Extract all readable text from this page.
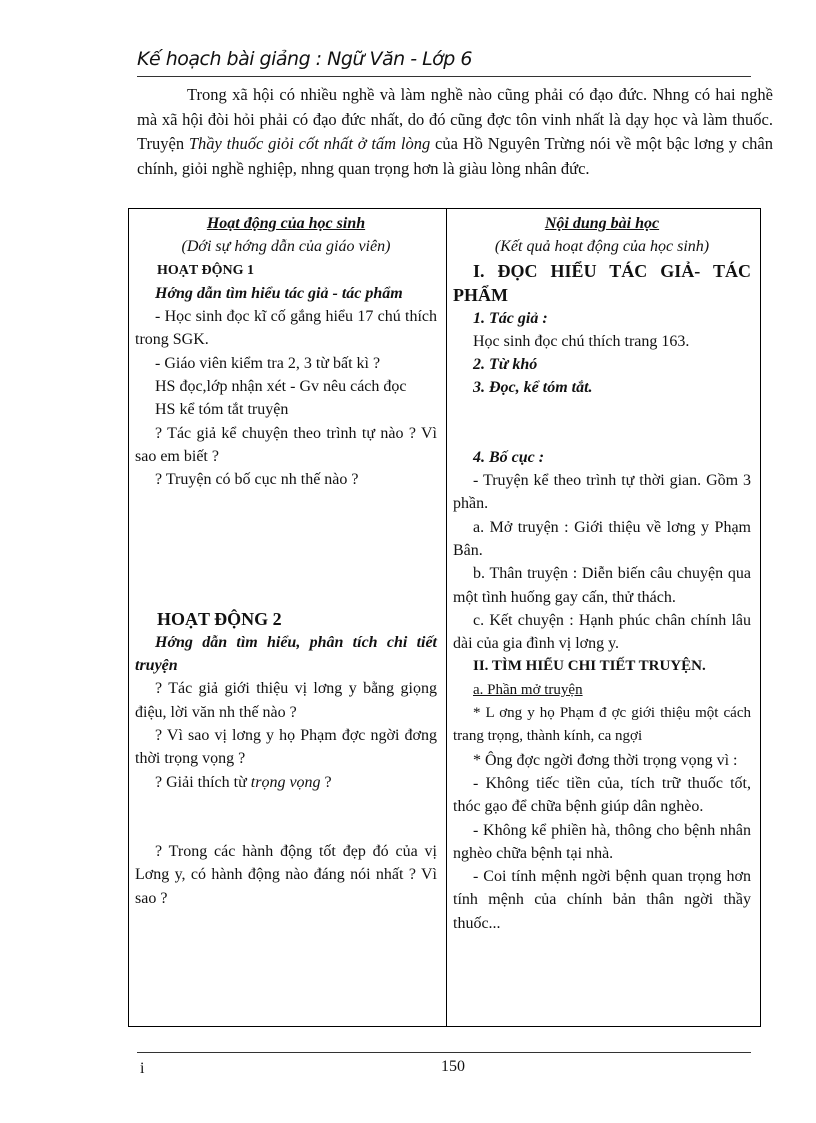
Kế hoạch bài giảng : Ngữ Văn - Lớp 6

Trong xã hội có nhiều nghề và làm nghề nào cũng phải có đạo đức. Nhng có hai nghề mà xã hội đòi hỏi phải có đạo đức nhất, do đó cũng đợc tôn vinh nhất là dạy học và làm thuốc. Truyện Thầy thuốc giỏi cốt nhất ở tấm lòng của Hồ Nguyên Trừng nói về một bậc lơng y chân chính, giỏi nghề nghiệp, nhng quan trọng hơn là giàu lòng nhân đức.

Hoạt động của học sinh
(Dới sự hớng dẫn của giáo viên)
HOẠT ĐỘNG 1
Hớng dẫn tìm hiểu tác giả - tác phẩm
- Học sinh đọc kĩ cố gắng hiểu 17 chú thích trong SGK.
- Giáo viên kiểm tra 2, 3 từ bất kì ?
HS đọc,lớp nhận xét - Gv nêu cách đọc
HS kể tóm tắt truyện
? Tác giả kể chuyện theo trình tự nào ? Vì sao em biết ?
? Truyện có bố cục nh thế nào ?
HOẠT ĐỘNG 2
Hớng dẫn tìm hiểu, phân tích chi tiết truyện
? Tác giả giới thiệu vị lơng y bằng giọng điệu, lời văn nh thế nào ?
? Vì sao vị lơng y họ Phạm đợc ngời đơng thời trọng vọng ?
? Giải thích từ trọng vọng ?
? Trong các hành động tốt đẹp đó của vị Lơng y, có hành động nào đáng nói nhất ? Vì sao ?
Nội dung bài học
(Kết quả hoạt động của học sinh)
I. ĐỌC HIỂU TÁC GIẢ- TÁC PHẨM
1. Tác giả :
Học sinh đọc chú thích trang 163.
2. Từ khó
3. Đọc, kể tóm tắt.
4. Bố cục :
- Truyện kể theo trình tự thời gian. Gồm 3 phần.
a. Mở truyện : Giới thiệu về lơng y Phạm Bân.
b. Thân truyện : Diễn biến câu chuyện qua một tình huống gay cấn, thử thách.
c. Kết chuyện : Hạnh phúc chân chính lâu dài của gia đình vị lơng y.
II. TÌM HIỂU CHI TIẾT TRUYỆN.
a. Phần mở truyện
* L ơng y họ Phạm đ ợc giới thiệu một cách trang trọng, thành kính, ca ngợi
* Ông đợc ngời đơng thời trọng vọng vì :
- Không tiếc tiền của, tích trữ thuốc tốt, thóc gạo để chữa bệnh giúp dân nghèo.
- Không kể phiền hà, thông cho bệnh nhân nghèo chữa bệnh tại nhà.
- Coi tính mệnh ngời bệnh quan trọng hơn tính mệnh của chính bản thân ngời thầy thuốc...
i	150
